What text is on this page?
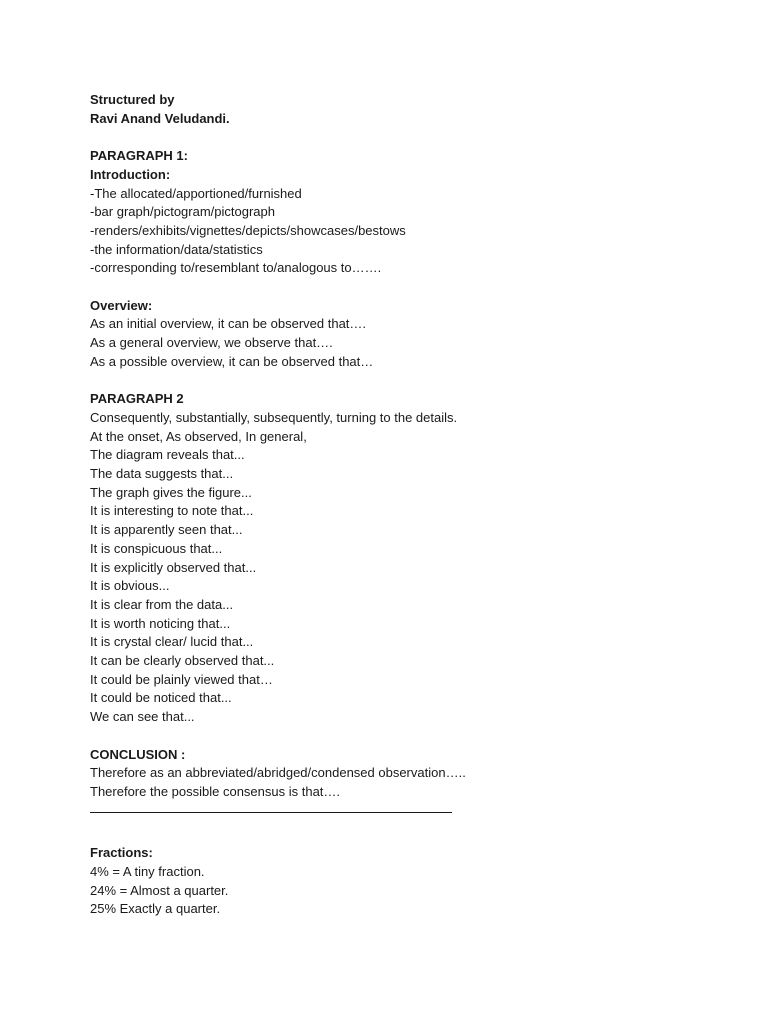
Structured by
Ravi Anand Veludandi.
PARAGRAPH 1:
Introduction:
-The allocated/apportioned/furnished
-bar graph/pictogram/pictograph
-renders/exhibits/vignettes/depicts/showcases/bestows
-the information/data/statistics
-corresponding to/resemblant to/analogous to…….
Overview:
As an initial overview, it can be observed that….
As a general overview, we observe that….
As a possible overview, it can be observed that…
PARAGRAPH 2
Consequently, substantially, subsequently, turning to the details.
At the onset, As observed, In general,
The diagram reveals that...
The data suggests that...
The graph gives the figure...
It is interesting to note that...
It is apparently seen that...
It is conspicuous that...
It is explicitly observed that...
It is obvious...
It is clear from the data...
It is worth noticing that...
It is crystal clear/ lucid that...
It can be clearly observed that...
It could be plainly viewed that…
It could be noticed that...
We can see that...
CONCLUSION :
Therefore as an abbreviated/abridged/condensed observation…..
Therefore the possible consensus is that….
Fractions:
4% = A tiny fraction.
24% = Almost a quarter.
25% Exactly a quarter.
